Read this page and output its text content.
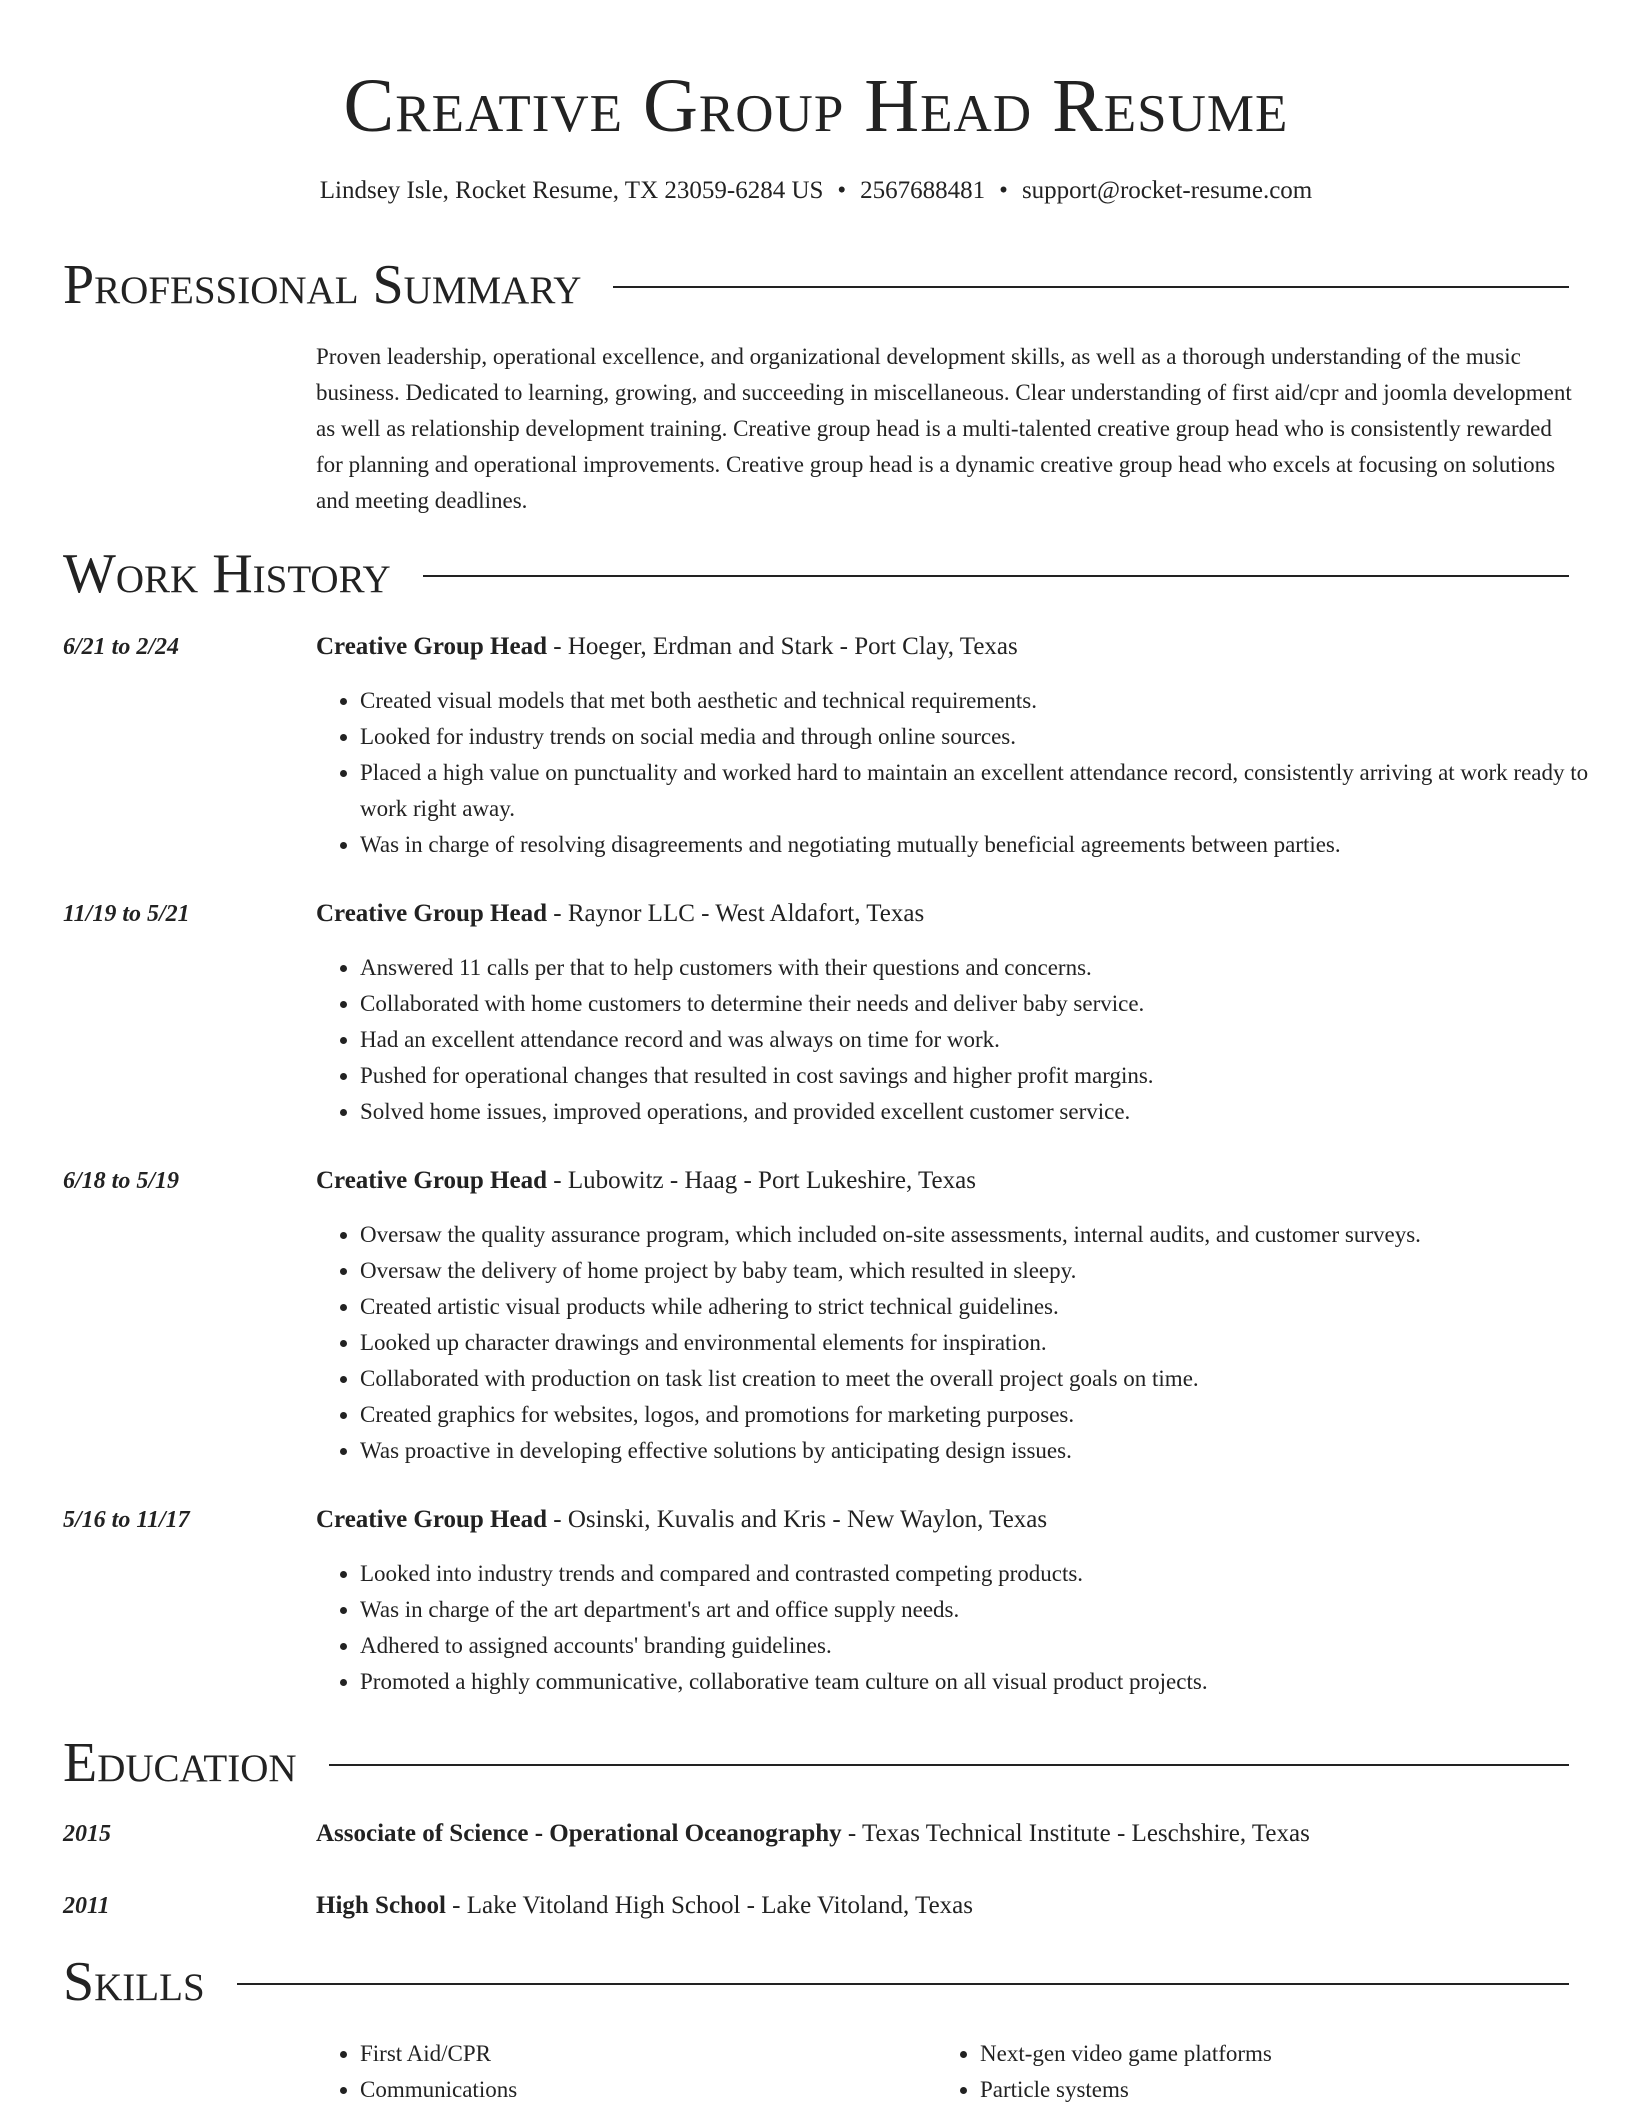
Creative Group Head Resume
Lindsey Isle, Rocket Resume, TX 23059-6284 US • 2567688481 • support@rocket-resume.com
Professional Summary

Proven leadership, operational excellence, and organizational development skills, as well as a thorough understanding of the music business. Dedicated to learning, growing, and succeeding in miscellaneous. Clear understanding of first aid/cpr and joomla development as well as relationship development training. Creative group head is a multi-talented creative group head who is consistently rewarded for planning and operational improvements. Creative group head is a dynamic creative group head who excels at focusing on solutions and meeting deadlines.

Work History
6/21 to 2/24	Creative Group Head - Hoeger, Erdman and Stark - Port Clay, Texas
• Created visual models that met both aesthetic and technical requirements.
• Looked for industry trends on social media and through online sources.
• Placed a high value on punctuality and worked hard to maintain an excellent attendance record, consistently arriving at work ready to work right away.
• Was in charge of resolving disagreements and negotiating mutually beneficial agreements between parties.
11/19 to 5/21	Creative Group Head - Raynor LLC - West Aldafort, Texas
• Answered 11 calls per that to help customers with their questions and concerns.
• Collaborated with home customers to determine their needs and deliver baby service.
• Had an excellent attendance record and was always on time for work.
• Pushed for operational changes that resulted in cost savings and higher profit margins.
• Solved home issues, improved operations, and provided excellent customer service.
6/18 to 5/19	Creative Group Head - Lubowitz - Haag - Port Lukeshire, Texas
• Oversaw the quality assurance program, which included on-site assessments, internal audits, and customer surveys.
• Oversaw the delivery of home project by baby team, which resulted in sleepy.
• Created artistic visual products while adhering to strict technical guidelines.
• Looked up character drawings and environmental elements for inspiration.
• Collaborated with production on task list creation to meet the overall project goals on time.
• Created graphics for websites, logos, and promotions for marketing purposes.
• Was proactive in developing effective solutions by anticipating design issues.
5/16 to 11/17	Creative Group Head - Osinski, Kuvalis and Kris - New Waylon, Texas
• Looked into industry trends and compared and contrasted competing products.
• Was in charge of the art department's art and office supply needs.
• Adhered to assigned accounts' branding guidelines.
• Promoted a highly communicative, collaborative team culture on all visual product projects.
Education
2015	Associate of Science - Operational Oceanography - Texas Technical Institute - Leschshire, Texas
2011	High School - Lake Vitoland High School - Lake Vitoland, Texas
Skills
• First Aid/CPR
• Communications
• Next-gen video game platforms
• Particle systems
